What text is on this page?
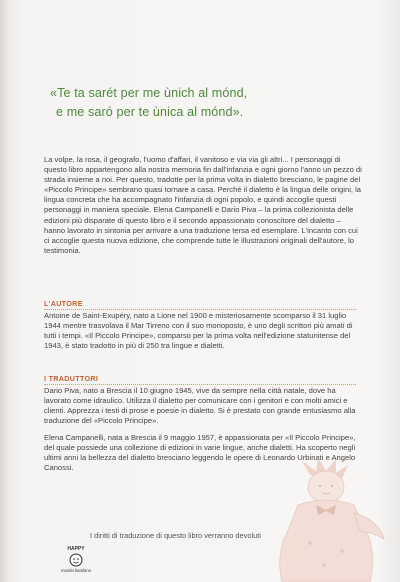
«Te ta sarét per me ùnich al mónd,
e me saró per te ùnica al mónd».

La volpe, la rosa, il geografo, l'uomo d'affari, il vanitoso e via via gli altri... I personaggi di questo libro appartengono alla nostra memoria fin dall'infanzia e ogni giorno l'anno un pezzo di strada insieme a noi. Per questo, tradotte per la prima volta in dialetto bresciano, le pagine del «Piccolo Principe» sembrano quasi tornare a casa. Perché il dialetto è la lingua delle origini, la lingua concreta che ha accompagnato l'infanzia di ogni popolo, e quindi accoglie questi personaggi in maniera speciale. Elena Campanelli e Dario Piva – la prima collezionista delle edizioni più disparate di questo libro e il secondo appassionato conoscitore del dialetto – hanno lavorato in sintonia per arrivare a una traduzione tersa ed esemplare. L'incanto con cui ci accoglie questa nuova edizione, che comprende tutte le illustrazioni originali dell'autore, lo testimonia.

L'AUTORE

Antoine de Saint-Exupéry, nato a Lione nel 1900 e misteriosamente scomparso il 31 luglio 1944 mentre trasvolava il Mar Tirreno con il suo monoposto, è uno degli scrittori più amati di tutti i tempi. «Il Piccolo Principe», comparso per la prima volta nell'edizione statunitense del 1943, è stato tradotto in più di 250 tra lingue e dialetti.

I TRADUTTORI

Dario Piva, nato a Brescia il 10 giugno 1945, vive da sempre nella città natale, dove ha lavorato come idraulico. Utilizza il dialetto per comunicare con i genitori e con molti amici e clienti. Apprezza i testi di prose e poesie in dialetto. Si è prestato con grande entusiasmo alla traduzione del «Piccolo Principe».

Elena Campanelli, nata a Brescia il 9 maggio 1957, è appassionata per «Il Piccolo Principe», del quale possiede una collezione di edizioni in varie lingue, anche dialetti. Ha scoperto negli ultimi anni la bellezza del dialetto bresciano leggendo le opere di Leonardo Urbinati e Angelo Canossi.

I diritti di traduzione di questo libro verranno devoluti
HAPPY
mondo bambino
